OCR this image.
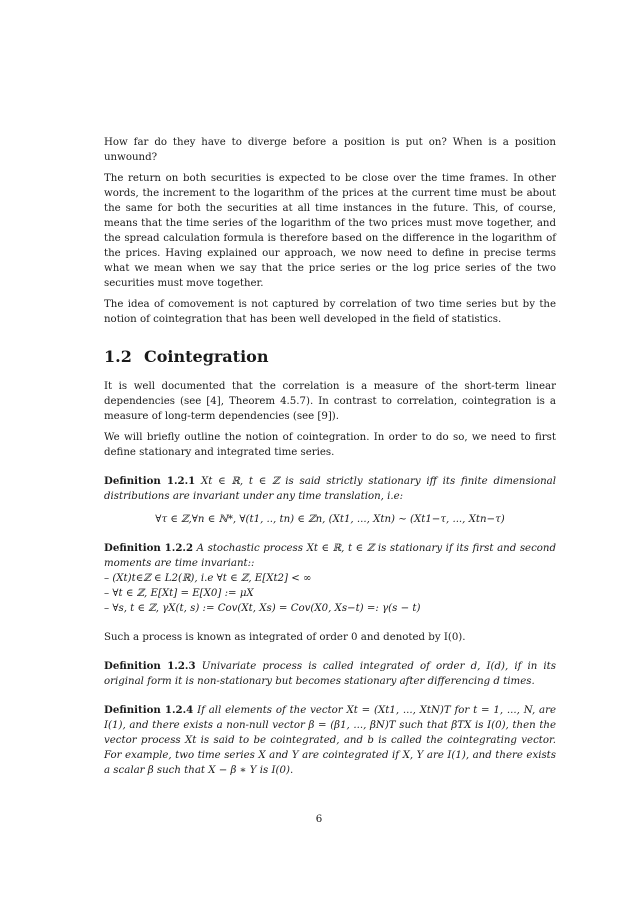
How far do they have to diverge before a position is put on? When is a position unwound?

The return on both securities is expected to be close over the time frames. In other words, the increment to the logarithm of the prices at the current time must be about the same for both the securities at all time instances in the future. This, of course, means that the time series of the logarithm of the two prices must move together, and the spread calculation formula is therefore based on the difference in the logarithm of the prices. Having explained our approach, we now need to define in precise terms what we mean when we say that the price series or the log price series of the two securities must move together.

The idea of comovement is not captured by correlation of two time series but by the notion of cointegration that has been well developed in the field of statistics.

1.2 Cointegration

It is well documented that the correlation is a measure of the short-term linear dependencies (see [4], Theorem 4.5.7). In contrast to correlation, cointegration is a measure of long-term dependencies (see [9]).

We will briefly outline the notion of cointegration. In order to do so, we need to first define stationary and integrated time series.

Definition 1.2.1 Xt ∈ ℝ, t ∈ ℤ is said strictly stationary iff its finite dimensional distributions are invariant under any time translation, i.e:
∀τ ∈ ℤ,∀n ∈ ℕ*, ∀(t1, .., tn) ∈ ℤn, (Xt1, ..., Xtn) ∼ (Xt1−τ, ..., Xtn−τ)
Definition 1.2.2 A stochastic process Xt ∈ ℝ, t ∈ ℤ is stationary if its first and second moments are time invariant::
– (Xt)t∈ℤ ∈ L2(ℝ), i.e ∀t ∈ ℤ, E[Xt2] < ∞
– ∀t ∈ ℤ, E[Xt] = E[X0] := μX
– ∀s, t ∈ ℤ, γX(t, s) := Cov(Xt, Xs) = Cov(X0, Xs−t) =: γ(s − t)

Such a process is known as integrated of order 0 and denoted by I(0).

Definition 1.2.3 Univariate process is called integrated of order d, I(d), if in its original form it is non-stationary but becomes stationary after differencing d times.
Definition 1.2.4 If all elements of the vector Xt = (Xt1, ..., XtN)T for t = 1, ..., N, are I(1), and there exists a non-null vector β = (β1, ..., βN)T such that βTX is I(0), then the vector process Xt is said to be cointegrated, and b is called the cointegrating vector. For example, two time series X and Y are cointegrated if X, Y are I(1), and there exists a scalar β such that X − β ∗ Y is I(0).
6
